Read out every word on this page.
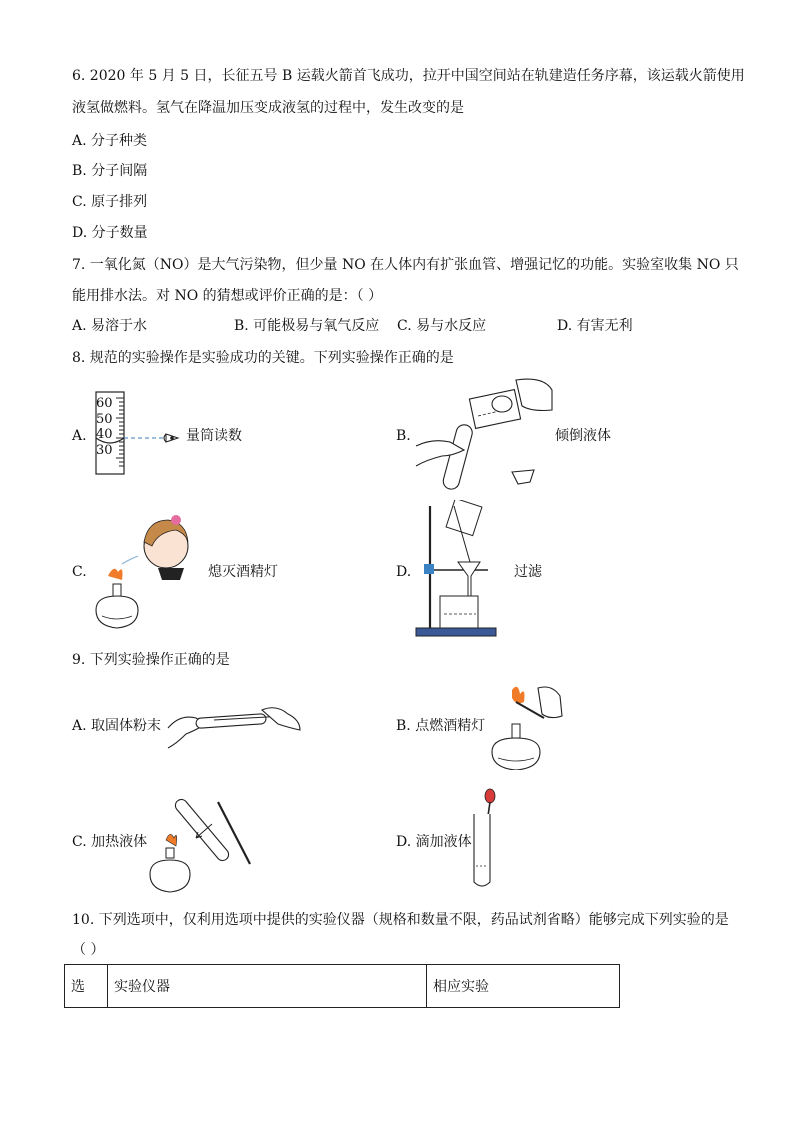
6. 2020 年 5 月 5 日，长征五号 B 运载火箭首飞成功，拉开中国空间站在轨建造任务序幕，该运载火箭使用
液氢做燃料。氢气在降温加压变成液氢的过程中，发生改变的是
A. 分子种类
B. 分子间隔
C. 原子排列
D. 分子数量
7. 一氧化氮（NO）是大气污染物，但少量 NO 在人体内有扩张血管、增强记忆的功能。实验室收集 NO 只
能用排水法。对 NO 的猜想或评价正确的是：（ ）
A. 易溶于水	B. 可能极易与氧气反应 C. 易与水反应	D. 有害无利
8. 规范的实验操作是实验成功的关键。下列实验操作正确的是
A.
60
50
40
30
量筒读数	B.	倾倒液体
C.	熄灭酒精灯	D.	过滤
9. 下列实验操作正确的是
A. 取固体粉末	B. 点燃酒精灯
C. 加热液体	D. 滴加液体
10. 下列选项中，仅利用选项中提供的实验仪器（规格和数量不限，药品试剂省略）能够完成下列实验的是
（ ）
选	实验仪器	相应实验
